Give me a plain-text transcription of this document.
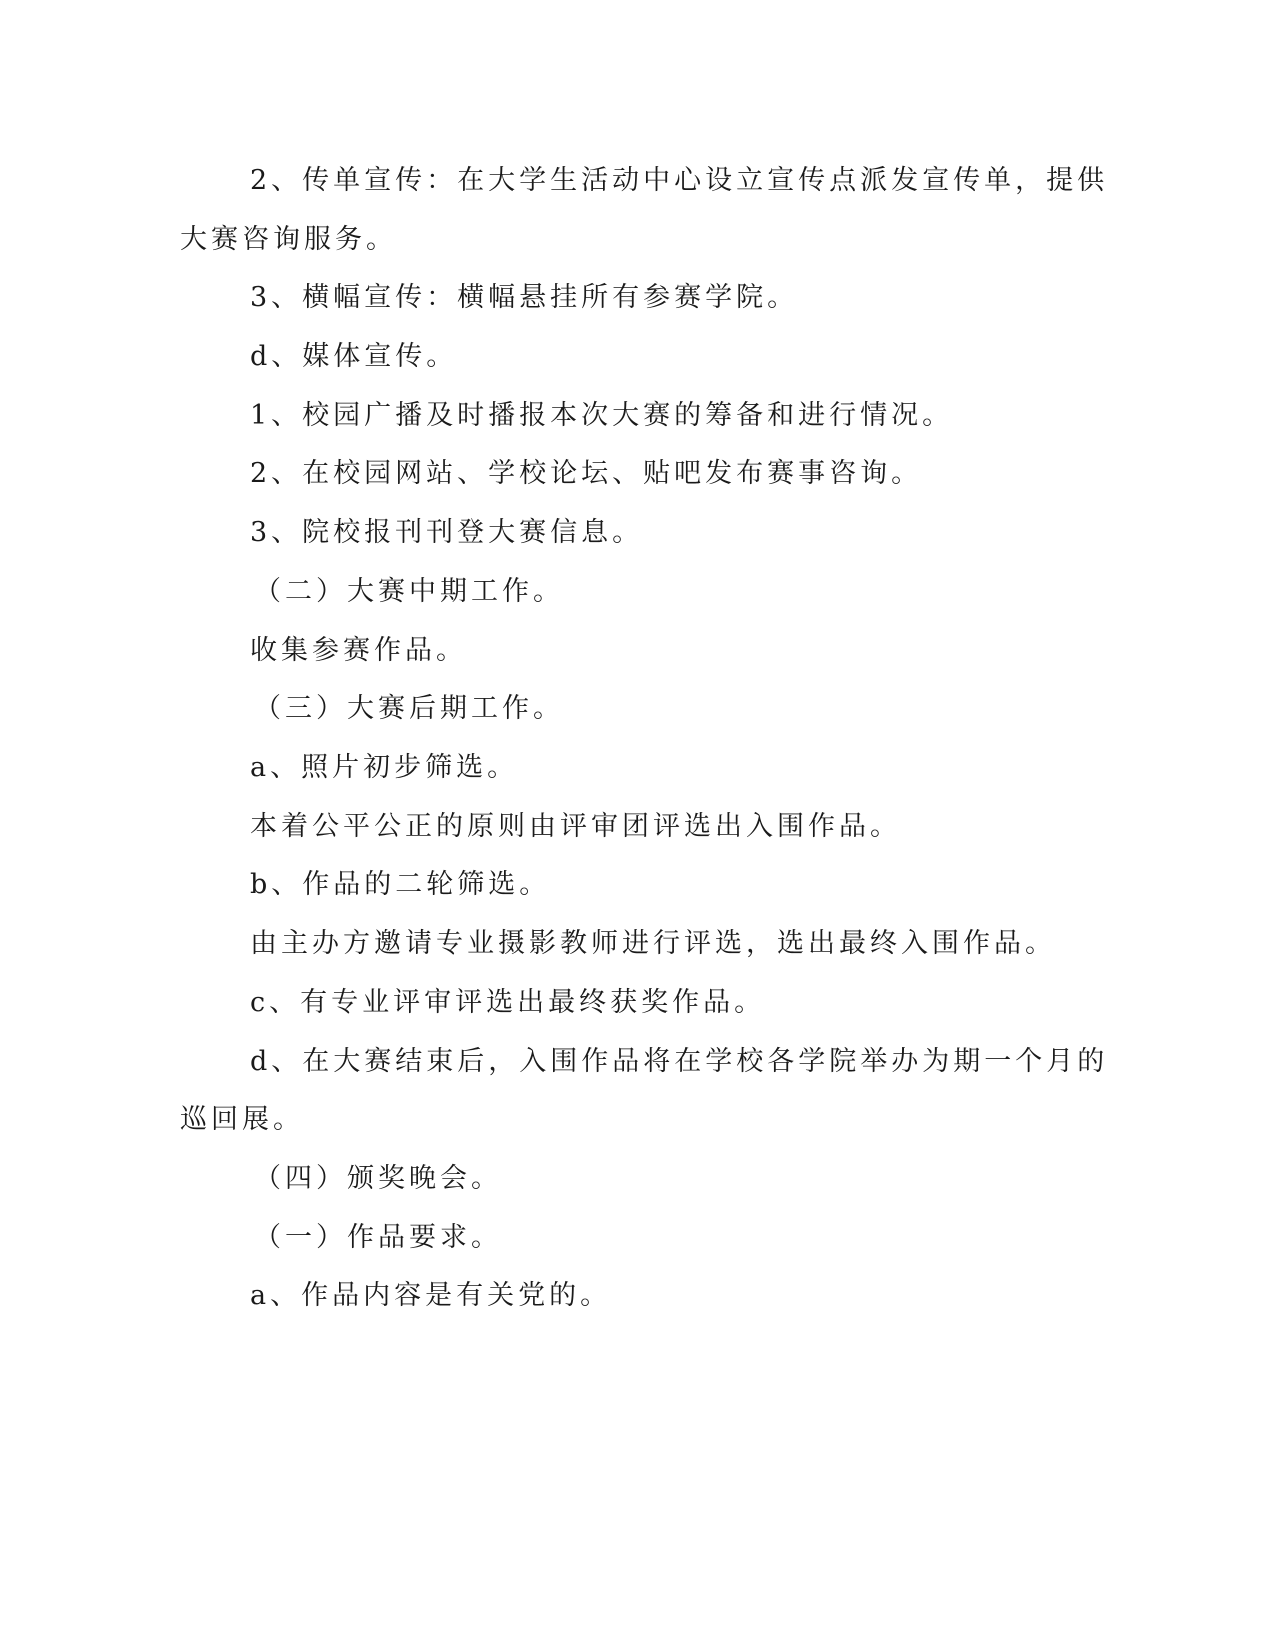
2、传单宣传：在大学生活动中心设立宣传点派发宣传单，提供
大赛咨询服务。
3、横幅宣传：横幅悬挂所有参赛学院。
d、媒体宣传。
1、校园广播及时播报本次大赛的筹备和进行情况。
2、在校园网站、学校论坛、贴吧发布赛事咨询。
3、院校报刊刊登大赛信息。
（二）大赛中期工作。
收集参赛作品。
（三）大赛后期工作。
a、照片初步筛选。
本着公平公正的原则由评审团评选出入围作品。
b、作品的二轮筛选。
由主办方邀请专业摄影教师进行评选，选出最终入围作品。
c、有专业评审评选出最终获奖作品。
d、在大赛结束后，入围作品将在学校各学院举办为期一个月的
巡回展。
（四）颁奖晚会。
（一）作品要求。
a、作品内容是有关党的。
